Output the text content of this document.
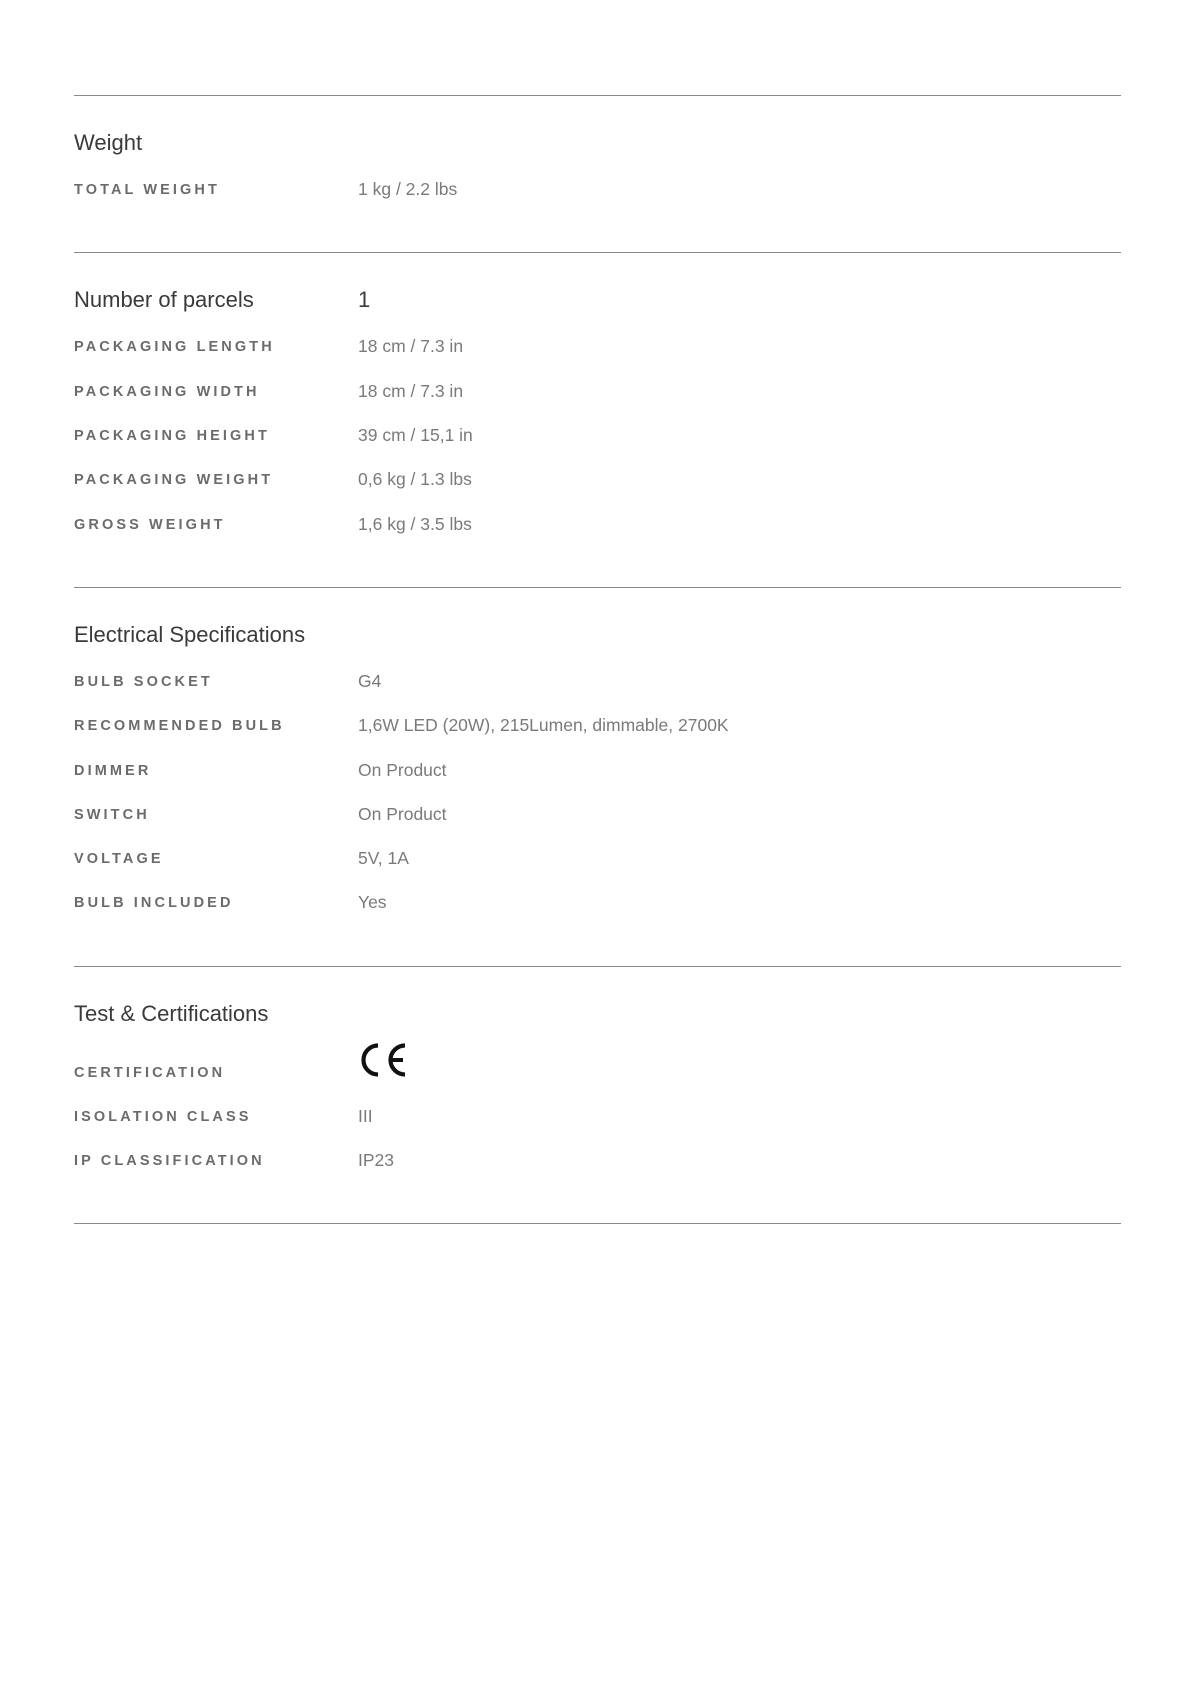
Weight
TOTAL WEIGHT	1 kg / 2.2 lbs
Number of parcels	1
PACKAGING LENGTH	18 cm / 7.3 in
PACKAGING WIDTH	18 cm / 7.3 in
PACKAGING HEIGHT	39 cm / 15,1 in
PACKAGING WEIGHT	0,6 kg / 1.3 lbs
GROSS WEIGHT	1,6 kg / 3.5 lbs
Electrical Specifications
BULB SOCKET	G4
RECOMMENDED BULB	1,6W LED (20W), 215Lumen, dimmable, 2700K
DIMMER	On Product
SWITCH	On Product
VOLTAGE	5V, 1A
BULB INCLUDED	Yes
Test & Certifications
CERTIFICATION
ISOLATION CLASS	III
IP CLASSIFICATION	IP23
